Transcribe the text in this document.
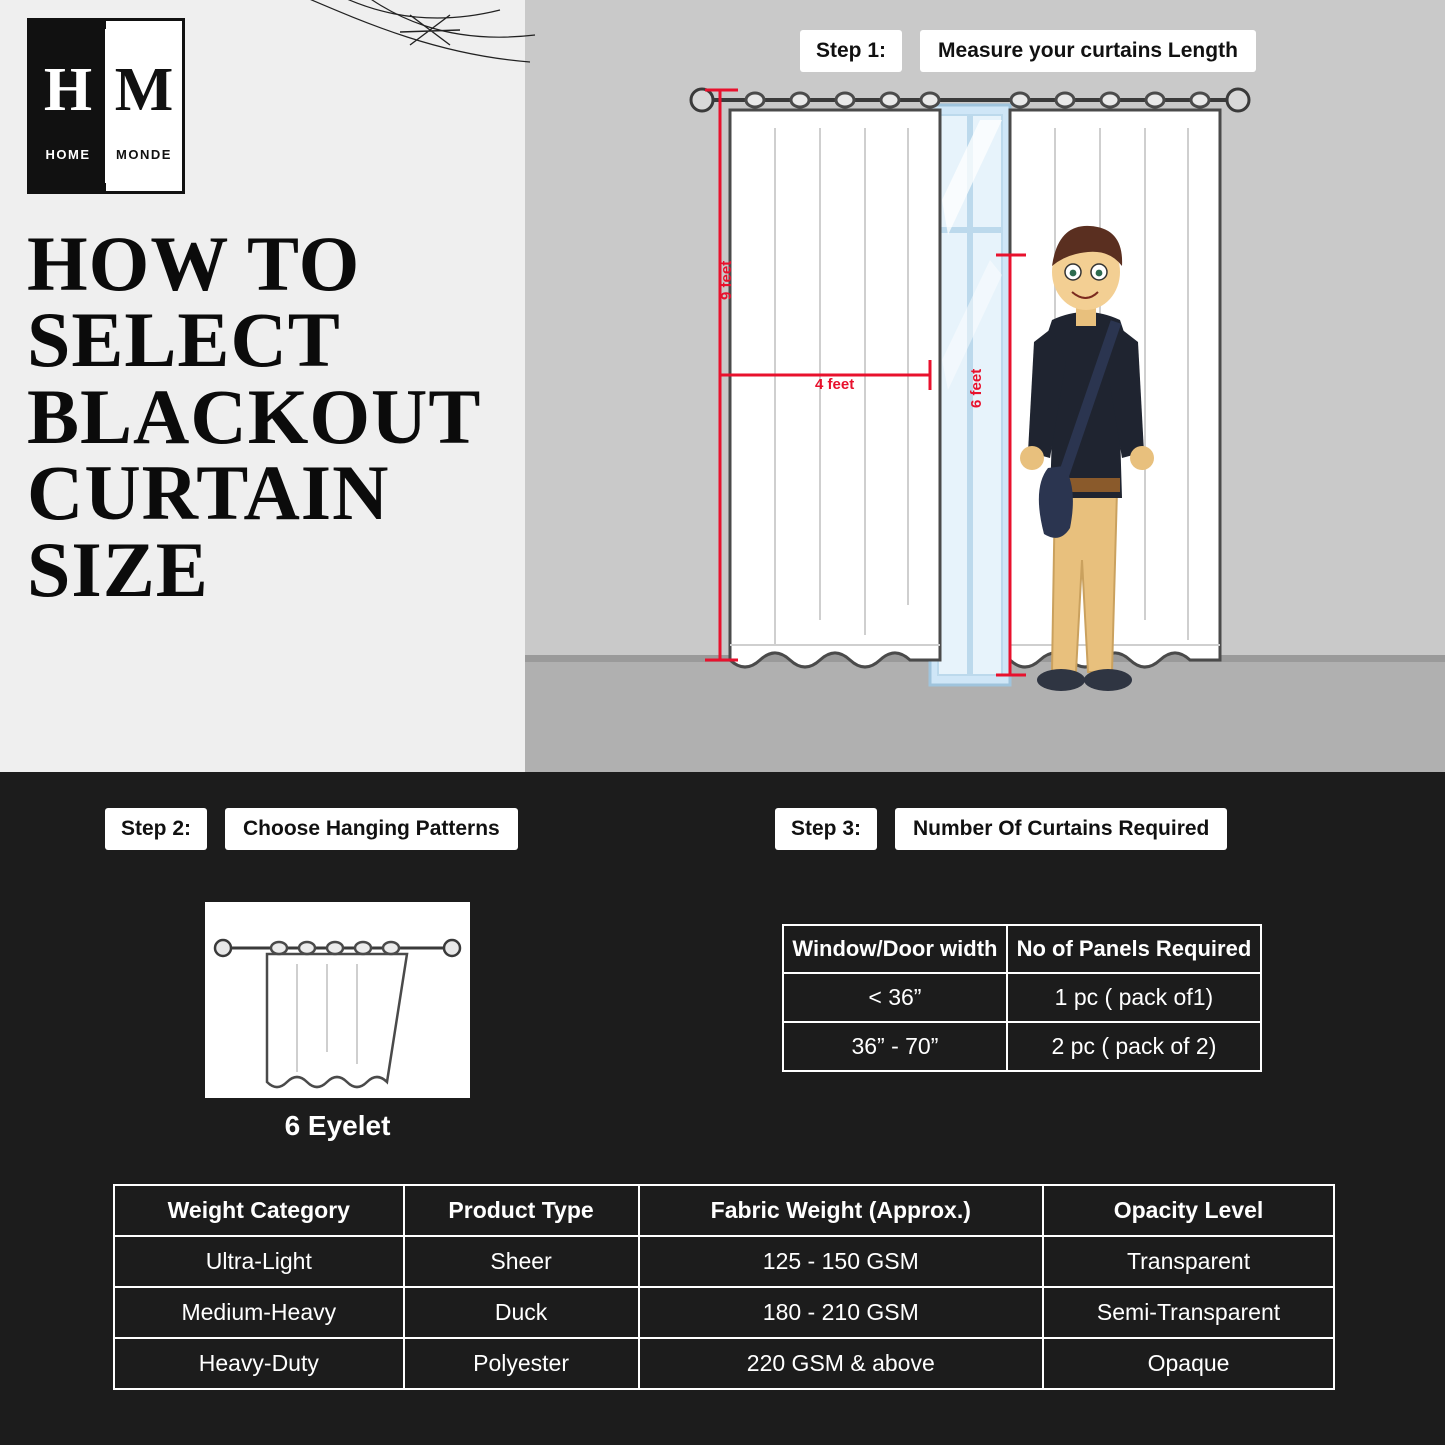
H
HOME
M
MONDE
HOW TO
SELECT
BLACKOUT
CURTAIN
SIZE
Step 1:	Measure your curtains Length
9 feet
4 feet	6 feet
Step 2:	Choose Hanging Patterns	Step 3:	Number Of Curtains Required
6 Eyelet
Window/Door width	No of Panels Required
< 36”	1 pc ( pack of1)
36” - 70”	2 pc ( pack of 2)
Weight Category	Product Type	Fabric Weight (Approx.)	Opacity Level
Ultra-Light	Sheer	125 - 150 GSM	Transparent
Medium-Heavy	Duck	180 - 210 GSM	Semi-Transparent
Heavy-Duty	Polyester	220 GSM & above	Opaque
